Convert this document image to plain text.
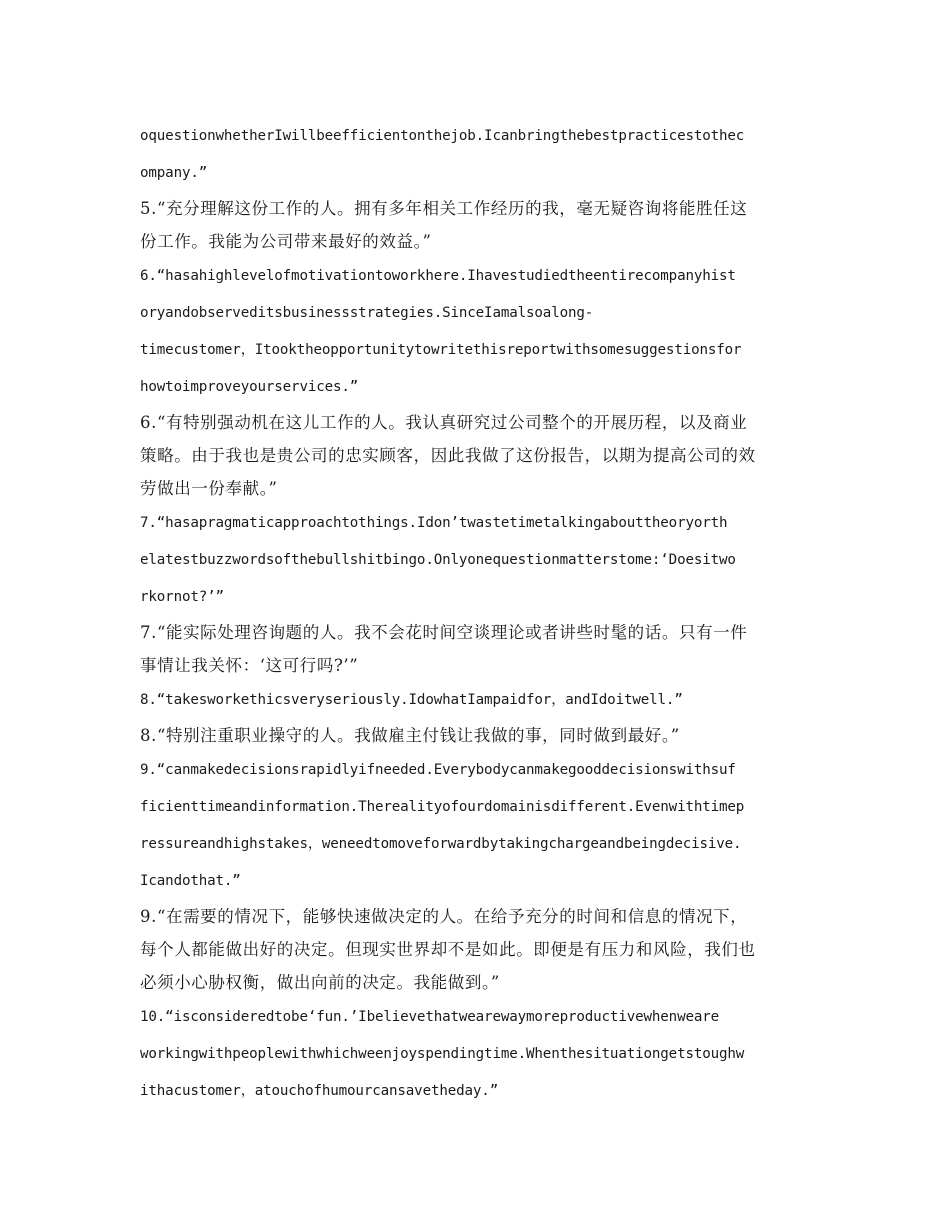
oquestionwhetherIwillbeefficientonthejob.Icanbringthebestpracticestothec
ompany.”
5.“充分理解这份工作的人。拥有多年相关工作经历的我，毫无疑咨询将能胜任这
份工作。我能为公司带来最好的效益。”
6.“hasahighlevelofmotivationtoworkhere.Ihavestudiedtheentirecompanyhist
oryandobserveditsbusinessstrategies.SinceIamalsoalong-
timecustomer，Itooktheopportunitytowritethisreportwithsomesuggestionsfor
howtoimproveyourservices.”
6.“有特别强动机在这儿工作的人。我认真研究过公司整个的开展历程，以及商业
策略。由于我也是贵公司的忠实顾客，因此我做了这份报告，以期为提高公司的效
劳做出一份奉献。”
7.“hasapragmaticapproachtothings.Idon’twastetimetalkingabouttheoryorth
elatestbuzzwordsofthebullshitbingo.Onlyonequestionmatterstome:‘Doesitwo
rkornot?’”
7.“能实际处理咨询题的人。我不会花时间空谈理论或者讲些时髦的话。只有一件
事情让我关怀：‘这可行吗?’”
8.“takesworkethicsveryseriously.IdowhatIampaidfor，andIdoitwell.”
8.“特别注重职业操守的人。我做雇主付钱让我做的事，同时做到最好。”
9.“canmakedecisionsrapidlyifneeded.Everybodycanmakegooddecisionswithsuf
ficienttimeandinformation.Therealityofourdomainisdifferent.Evenwithtimep
ressureandhighstakes，weneedtomoveforwardbytakingchargeandbeingdecisive.
Icandothat.”
9.“在需要的情况下，能够快速做决定的人。在给予充分的时间和信息的情况下，
每个人都能做出好的决定。但现实世界却不是如此。即便是有压力和风险，我们也
必须小心胁权衡，做出向前的决定。我能做到。”
10.“isconsideredtobe‘fun.’Ibelievethatwearewaymoreproductivewhenweare
workingwithpeoplewithwhichweenjoyspendingtime.Whenthesituationgetstoughw
ithacustomer，atouchofhumourcansavetheday.”
